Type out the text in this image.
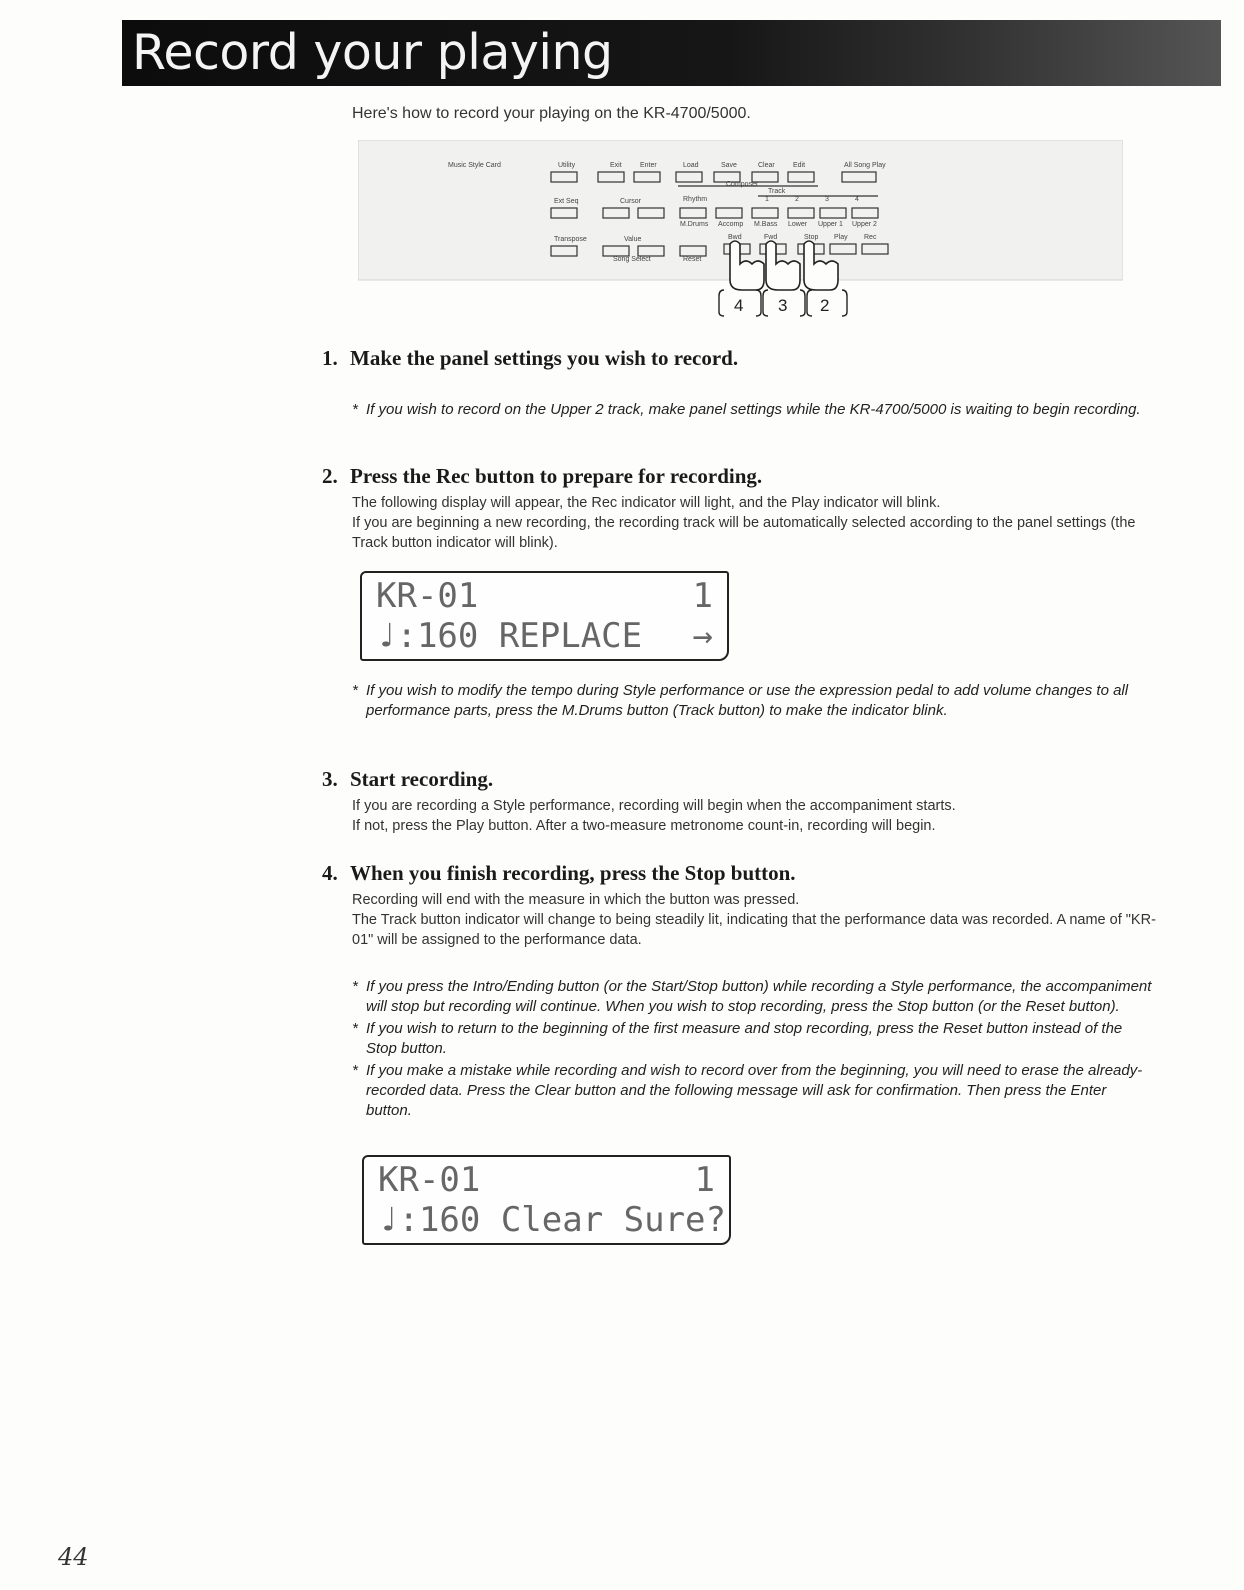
Record your playing

Here's how to record your playing on the KR-4700/5000.

Music Style Card	Utility	Exit	Enter	Load	Save	Clear	Edit	All Song Play
Composer
Track
Ext Seq	Cursor	Rhythm	1	2	3	4
M.Drums Accomp M.Bass Lower Upper 1 Upper 2
Transpose	Value	Bwd	Fwd	Stop Play Rec
Song Select	Reset
4 3 2
1. Make the panel settings you wish to record.
* If you wish to record on the Upper 2 track, make panel settings while the KR-4700/5000 is waiting to begin recording.
2. Press the Rec button to prepare for recording.

The following display will appear, the Rec indicator will light, and the Play indicator will blink.

If you are beginning a new recording, the recording track will be automatically selected according to the panel settings (the Track button indicator will blink).

KR-01	1
♩:160 REPLACE →
* If you wish to modify the tempo during Style performance or use the expression pedal to add volume changes to all performance parts, press the M.Drums button (Track button) to make the indicator blink.
3. Start recording.

If you are recording a Style performance, recording will begin when the accompaniment starts.

If not, press the Play button. After a two-measure metronome count-in, recording will begin.

4. When you finish recording, press the Stop button.

Recording will end with the measure in which the button was pressed.

The Track button indicator will change to being steadily lit, indicating that the performance data was recorded. A name of "KR-01" will be assigned to the performance data.

* If you press the Intro/Ending button (or the Start/Stop button) while recording a Style performance, the accompaniment will stop but recording will continue. When you wish to stop recording, press the Stop button (or the Reset button).
* If you wish to return to the beginning of the first measure and stop recording, press the Reset button instead of the Stop button.
* If you make a mistake while recording and wish to record over from the beginning, you will need to erase the already-recorded data. Press the Clear button and the following message will ask for confirmation. Then press the Enter button.
KR-01	1
♩:160 Clear Sure?
44
